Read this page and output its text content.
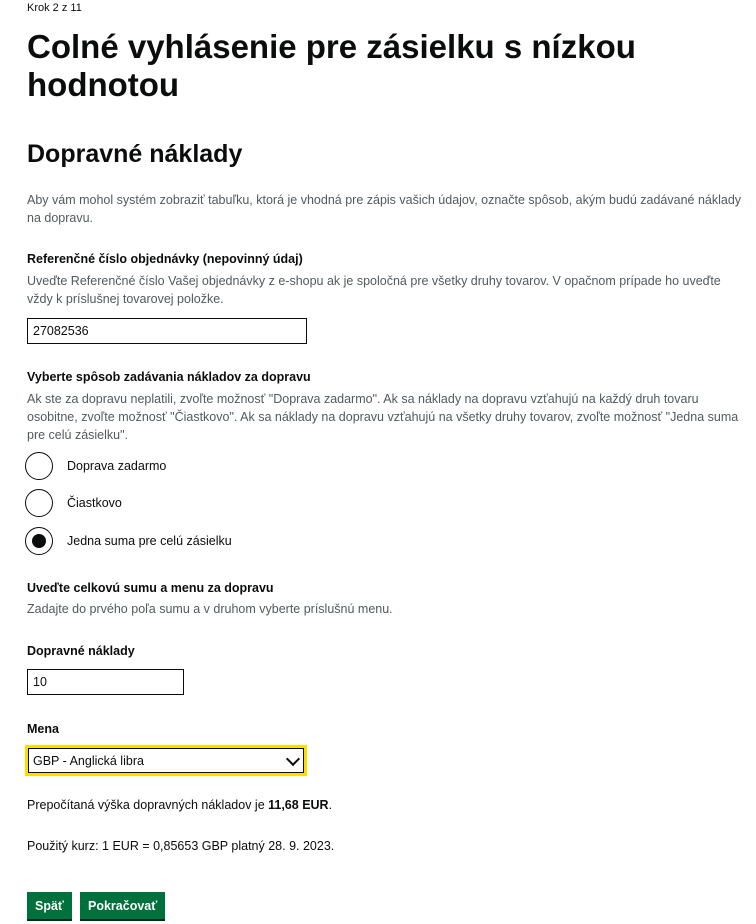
Krok 2 z 11
Colné vyhlásenie pre zásielku s nízkou hodnotou
Dopravné náklady

Aby vám mohol systém zobraziť tabuľku, ktorá je vhodná pre zápis vašich údajov, označte spôsob, akým budú zadávané náklady na dopravu.

Referenčné číslo objednávky (nepovinný údaj)

Uveďte Referenčné číslo Vašej objednávky z e-shopu ak je spoločná pre všetky druhy tovarov. V opačnom prípade ho uveďte vždy k príslušnej tovarovej položke.

27082536

Vyberte spôsob zadávania nákladov za dopravu

Ak ste za dopravu neplatili, zvoľte možnosť "Doprava zadarmo". Ak sa náklady na dopravu vzťahujú na každý druh tovaru osobitne, zvoľte možnosť "Čiastkovo". Ak sa náklady na dopravu vzťahujú na všetky druhy tovarov, zvoľte možnosť "Jedna suma pre celú zásielku".

Doprava zadarmo
Čiastkovo
Jedna suma pre celú zásielku

Uveďte celkovú sumu a menu za dopravu

Zadajte do prvého poľa sumu a v druhom vyberte príslušnú menu.

Dopravné náklady

10

Mena

GBP - Anglická libra

Prepočítaná výška dopravných nákladov je 11,68 EUR.

Použitý kurz: 1 EUR = 0,85653 GBP platný 28. 9. 2023.

Späť	Pokračovať
